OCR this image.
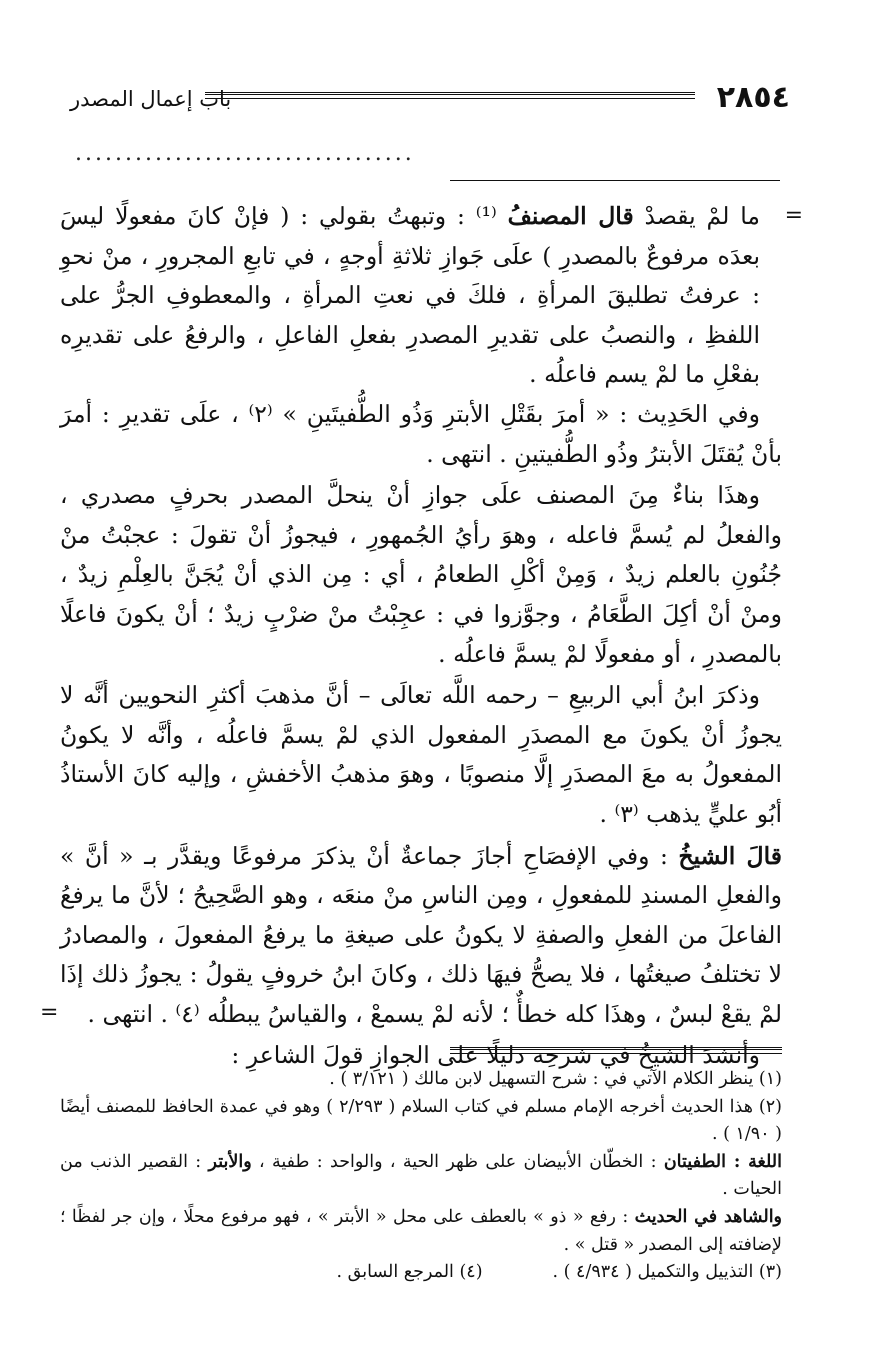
٢٨٥٤
باب إعمال المصدر
..................................
=

ما لمْ يقصدْ قال المصنفُ ⁽¹⁾ : وتبهتُ بقولي : ( فإنْ كانَ مفعولًا ليسَ بعدَه مرفوعٌ بالمصدرِ ) علَى جَوازِ ثلاثةِ أوجهٍ ، في تابعِ المجرورِ ، منْ نحوِ : عرفتُ تطليقَ المرأةِ ، فلكَ في نعتِ المرأةِ ، والمعطوفِ الجرُّ على اللفظِ ، والنصبُ على تقديرِ المصدرِ بفعلِ الفاعلِ ، والرفعُ على تقديرِه بفعْلِ ما لمْ يسم فاعلُه .

وفي الحَدِيث : « أمرَ بقَتْلِ الأبترِ وَذُو الطُّفيتَينِ » ⁽٢⁾ ، علَى تقديرِ : أمرَ بأنْ يُقتَلَ الأبترُ وذُو الطُّفيتينِ . انتهى .

وهذَا بناءٌ مِنَ المصنف علَى جوازِ أنْ ينحلَّ المصدر بحرفٍ مصدري ، والفعلُ لم يُسمَّ فاعله ، وهوَ رأيُ الجُمهورِ ، فيجوزُ أنْ تقولَ : عجبْتُ منْ جُنُونِ بالعلم زيدٌ ، وَمِنْ أكْلِ الطعامُ ، أي : مِن الذي أنْ يُجَنَّ بالعِلْمِ زيدٌ ، ومنْ أنْ أكِلَ الطَّعَامُ ، وجوَّزوا في : عجِبْتُ منْ ضرْبٍ زيدٌ ؛ أنْ يكونَ فاعلًا بالمصدرِ ، أو مفعولًا لمْ يسمَّ فاعلُه .

وذكرَ ابنُ أبي الربيعِ – رحمه اللَّه تعالَى – أنَّ مذهبَ أكثرِ النحويين أنَّه لا يجوزُ أنْ يكونَ مع المصدَرِ المفعول الذي لمْ يسمَّ فاعلُه ، وأنَّه لا يكونُ المفعولُ به معَ المصدَرِ إلَّا منصوبًا ، وهوَ مذهبُ الأخفشِ ، وإليه كانَ الأستاذُ أبُو عليٍّ يذهب ⁽٣⁾ .

قالَ الشيخُ : وفي الإفصَاحِ أجازَ جماعةٌ أنْ يذكرَ مرفوعًا ويقدَّر بـ « أنَّ » والفعلِ المسندِ للمفعولِ ، ومِن الناسِ منْ منعَه ، وهو الصَّحِيحُ ؛ لأنَّ ما يرفعُ الفاعلَ من الفعلِ والصفةِ لا يكونُ على صيغةِ ما يرفعُ المفعولَ ، والمصادرُ لا تختلفُ صيغتُها ، فلا يصحُّ فيهَا ذلك ، وكانَ ابنُ خروفٍ يقولُ : يجوزُ ذلك إذَا لمْ يقعْ لبسٌ ، وهذَا كله خطأٌ ؛ لأنه لمْ يسمعْ ، والقياسُ يبطلُه ⁽٤⁾ . انتهى .

وأنشدَ الشيخُ في شرحِه دليلًا على الجوازِ قولَ الشاعرِ :

=

(١) ينظر الكلام الآتي في : شرح التسهيل لابن مالك ( ٣/١٢١ ) .

(٢) هذا الحديث أخرجه الإمام مسلم في كتاب السلام ( ٢/٢٩٣ ) وهو في عمدة الحافظ للمصنف أيضًا ( ١/٩٠ ) .

اللغة : الطفيتان : الخطّان الأبيضان على ظهر الحية ، والواحد : طفية ، والأبتر : القصير الذنب من الحيات .

والشاهد في الحديث : رفع « ذو » بالعطف على محل « الأبتر » ، فهو مرفوع محلًا ، وإن جر لفظًا ؛ لإضافته إلى المصدر « قتل » .

(٣) التذييل والتكميل ( ٤/٩٣٤ ) .
(٤) المرجع السابق .
